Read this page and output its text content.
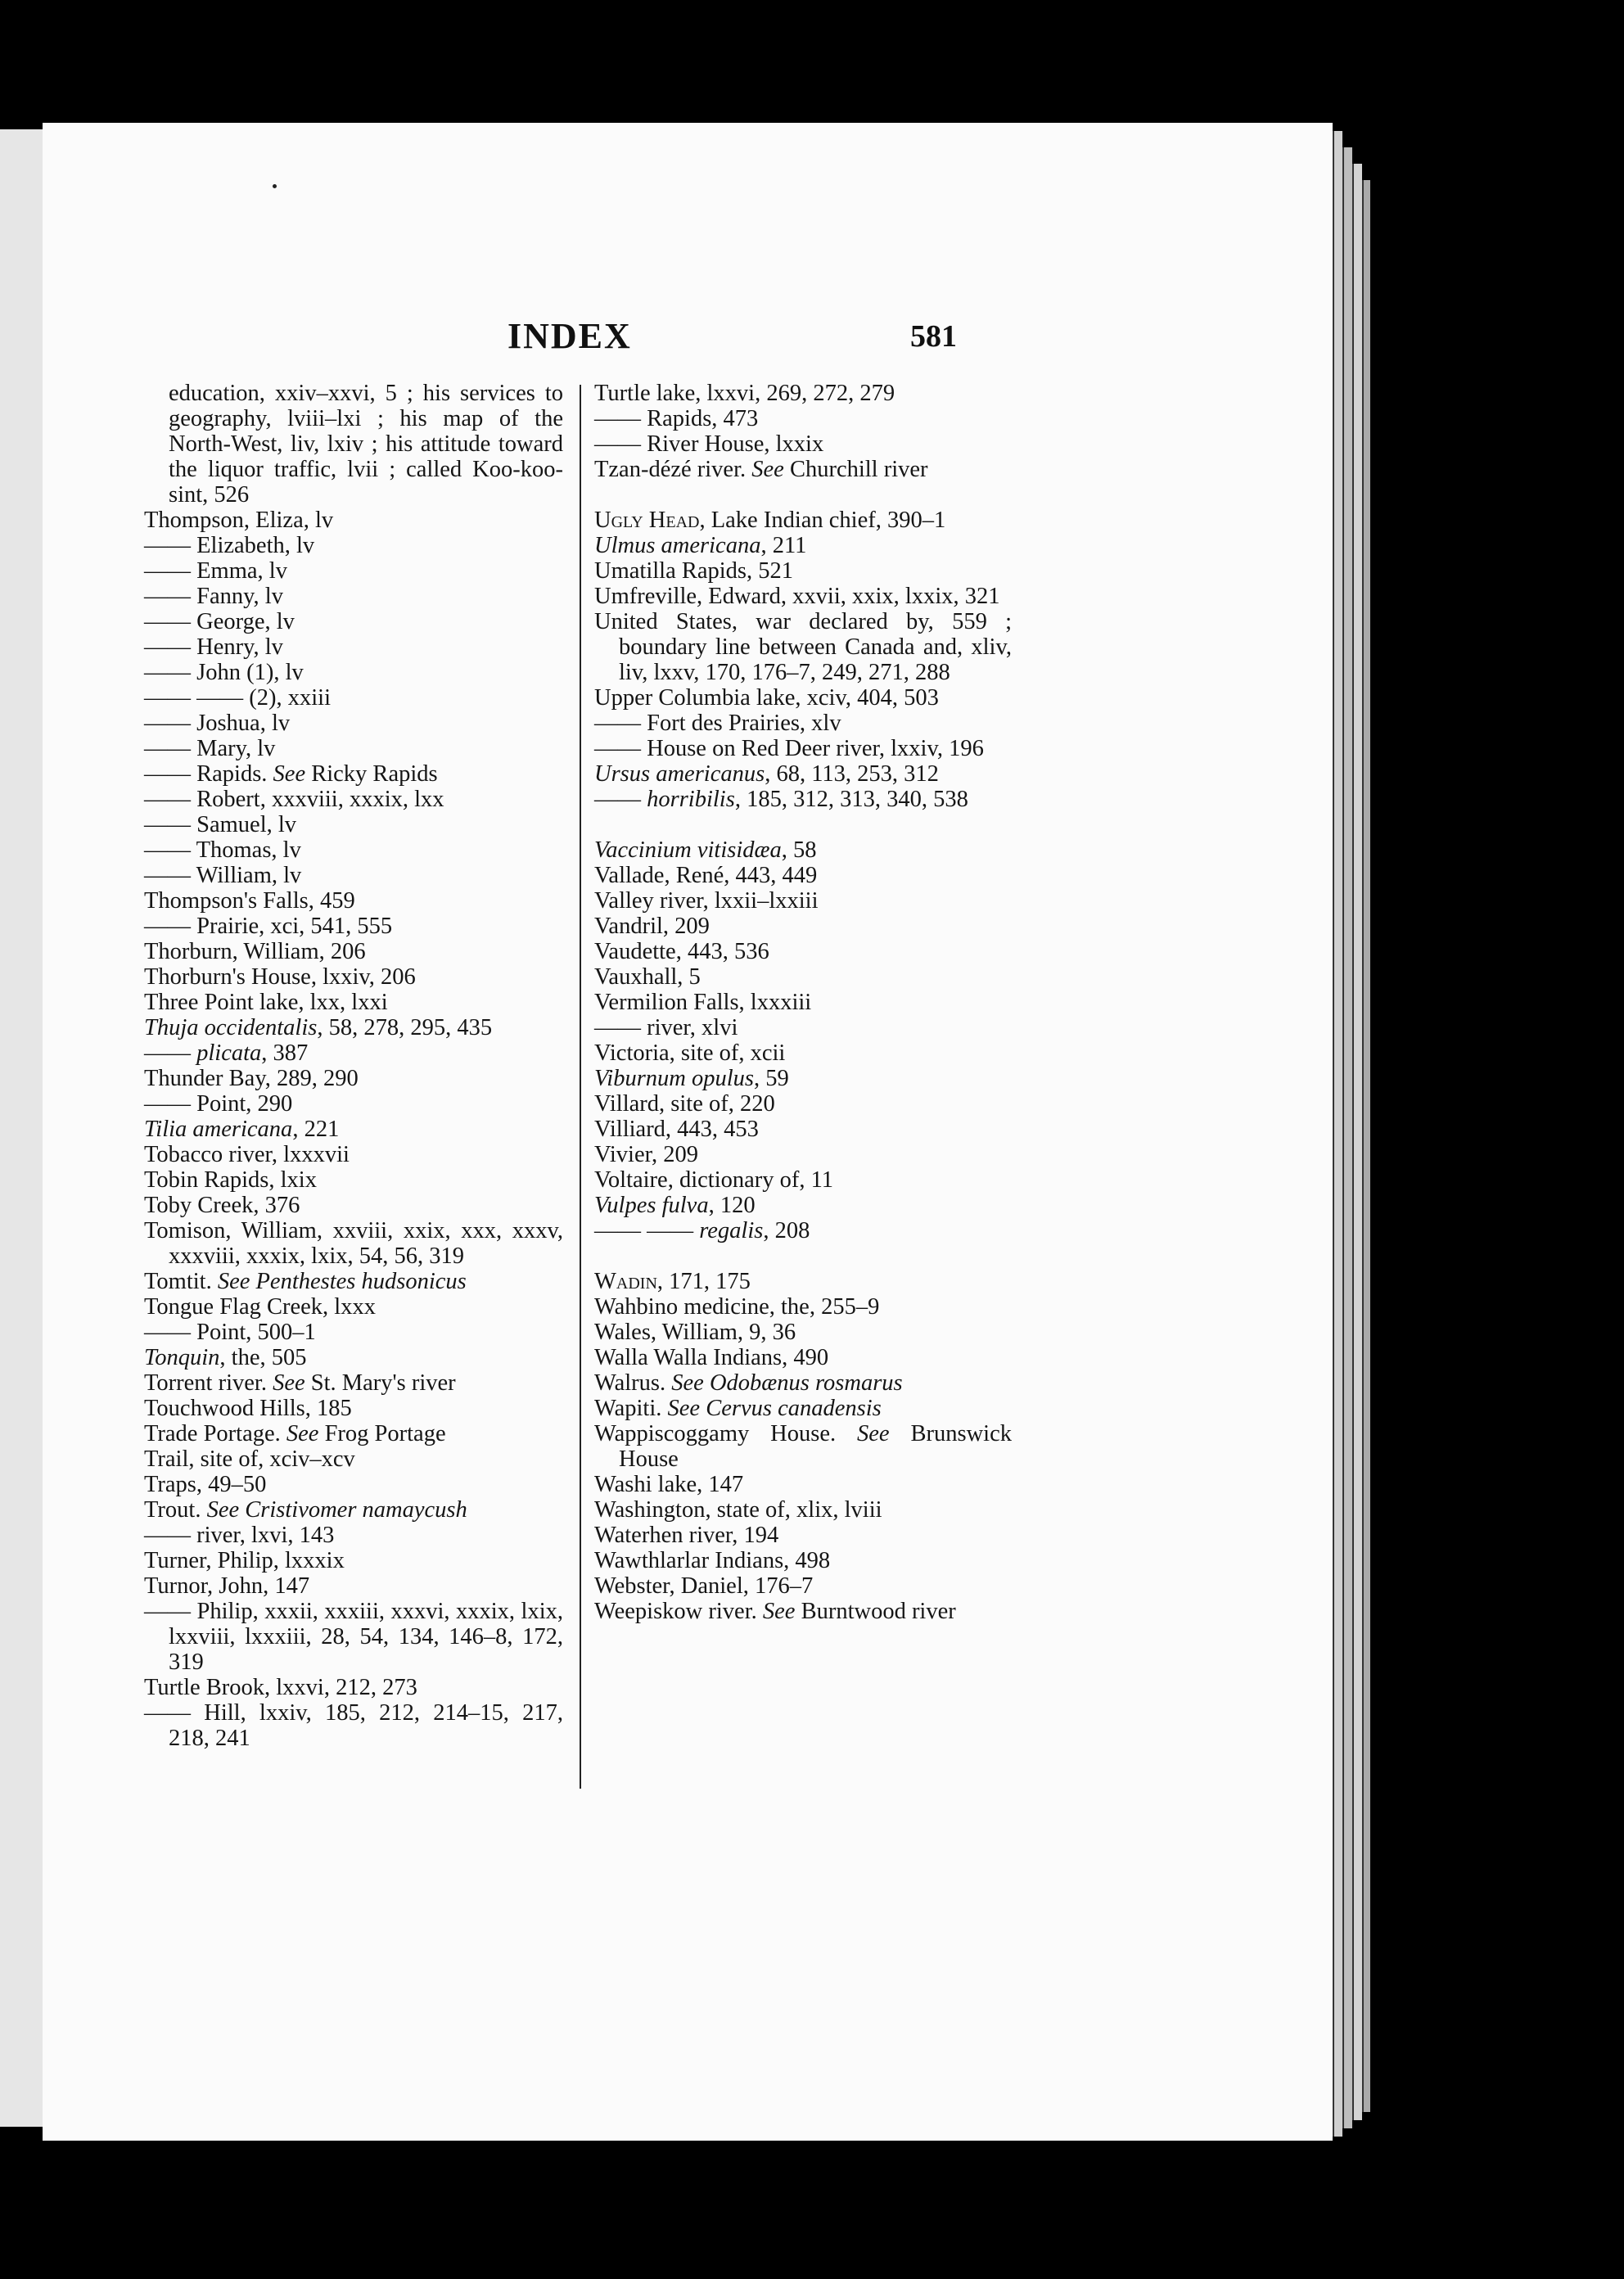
INDEX	581
education, xxiv–xxvi, 5 ; his services to geography, lviii–lxi ; his map of the North-West, liv, lxiv ; his attitude toward the liquor traffic, lvii ; called Koo-koo-sint, 526
Thompson, Eliza, lv
—— Elizabeth, lv
—— Emma, lv
—— Fanny, lv
—— George, lv
—— Henry, lv
—— John (1), lv
—— —— (2), xxiii
—— Joshua, lv
—— Mary, lv
—— Rapids. See Ricky Rapids
—— Robert, xxxviii, xxxix, lxx
—— Samuel, lv
—— Thomas, lv
—— William, lv
Thompson's Falls, 459
—— Prairie, xci, 541, 555
Thorburn, William, 206
Thorburn's House, lxxiv, 206
Three Point lake, lxx, lxxi
Thuja occidentalis, 58, 278, 295, 435
—— plicata, 387
Thunder Bay, 289, 290
—— Point, 290
Tilia americana, 221
Tobacco river, lxxxvii
Tobin Rapids, lxix
Toby Creek, 376
Tomison, William, xxviii, xxix, xxx, xxxv, xxxviii, xxxix, lxix, 54, 56, 319
Tomtit. See Penthestes hudsonicus
Tongue Flag Creek, lxxx
—— Point, 500–1
Tonquin, the, 505
Torrent river. See St. Mary's river
Touchwood Hills, 185
Trade Portage. See Frog Portage
Trail, site of, xciv–xcv
Traps, 49–50
Trout. See Cristivomer namaycush
—— river, lxvi, 143
Turner, Philip, lxxxix
Turnor, John, 147
—— Philip, xxxii, xxxiii, xxxvi, xxxix, lxix, lxxviii, lxxxiii, 28, 54, 134, 146–8, 172, 319
Turtle Brook, lxxvi, 212, 273
—— Hill, lxxiv, 185, 212, 214–15, 217, 218, 241
Turtle lake, lxxvi, 269, 272, 279
—— Rapids, 473
—— River House, lxxix
Tzan-dézé river. See Churchill river
Ugly Head, Lake Indian chief, 390–1
Ulmus americana, 211
Umatilla Rapids, 521
Umfreville, Edward, xxvii, xxix, lxxix, 321
United States, war declared by, 559 ; boundary line between Canada and, xliv, liv, lxxv, 170, 176–7, 249, 271, 288
Upper Columbia lake, xciv, 404, 503
—— Fort des Prairies, xlv
—— House on Red Deer river, lxxiv, 196
Ursus americanus, 68, 113, 253, 312
—— horribilis, 185, 312, 313, 340, 538
Vaccinium vitisidæa, 58
Vallade, René, 443, 449
Valley river, lxxii–lxxiii
Vandril, 209
Vaudette, 443, 536
Vauxhall, 5
Vermilion Falls, lxxxiii
—— river, xlvi
Victoria, site of, xcii
Viburnum opulus, 59
Villard, site of, 220
Villiard, 443, 453
Vivier, 209
Voltaire, dictionary of, 11
Vulpes fulva, 120
—— —— regalis, 208
Wadin, 171, 175
Wahbino medicine, the, 255–9
Wales, William, 9, 36
Walla Walla Indians, 490
Walrus. See Odobænus rosmarus
Wapiti. See Cervus canadensis
Wappiscoggamy House. See Brunswick House
Washi lake, 147
Washington, state of, xlix, lviii
Waterhen river, 194
Wawthlarlar Indians, 498
Webster, Daniel, 176–7
Weepiskow river. See Burntwood river
